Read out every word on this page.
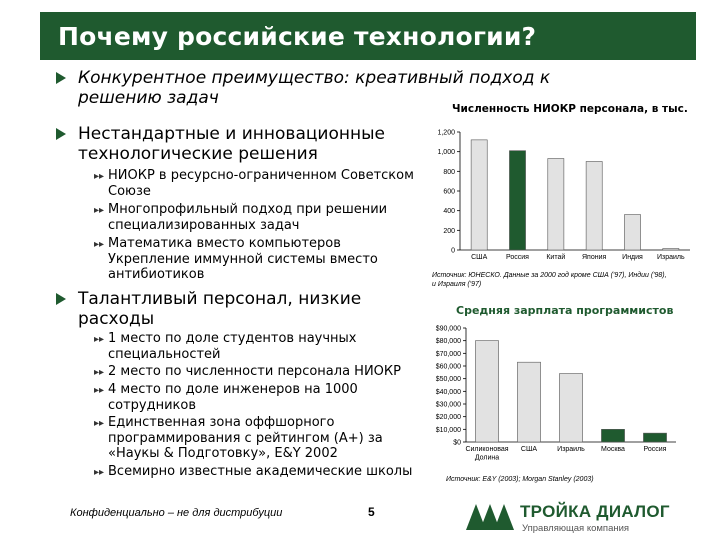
Почему российские технологии?
Конкурентное преимущество: креативный подход к
решению задач
Нестандартные и инновационные
технологические решения
▸▸ НИОКР в ресурсно-ограниченном Советском
Союзе
▸▸ Многопрофильный подход при решении
специализированных задач
▸▸ Математика вместо компьютеров
Укрепление иммунной системы вместо
антибиотиков
Талантливый персонал, низкие
расходы
▸▸ 1 место по доле студентов научных
специальностей
▸▸ 2 место по численности персонала НИОКР
▸▸ 4 место по доле инженеров на 1000
сотрудников
▸▸ Единственная зона оффшорного
программирования с рейтингом (A+) за
«Наукы & Подготовку», E&Y 2002
▸▸ Всемирно известные академические школы
Численность НИОКР персонала, в тыс.
0
200
400
600
800
1,000
1,200
США	Россия Китай Япония Индия Израиль
Источник: ЮНЕСКО. Данные за 2000 год кроме США ('97), Индии ('98),
и Израиля ('97)
Средняя зарплата программистов
$0
$10,000
$20,000
$30,000
$40,000
$50,000
$60,000
$70,000
$80,000
$90,000
Силиконовая
Долина
США	Израиль Москва	Россия
Источник: E&Y (2003); Morgan Stanley (2003)
Конфиденциально – не для дистрибуции	5	ТРОЙКА ДИАЛОГ
Управляющая компания
